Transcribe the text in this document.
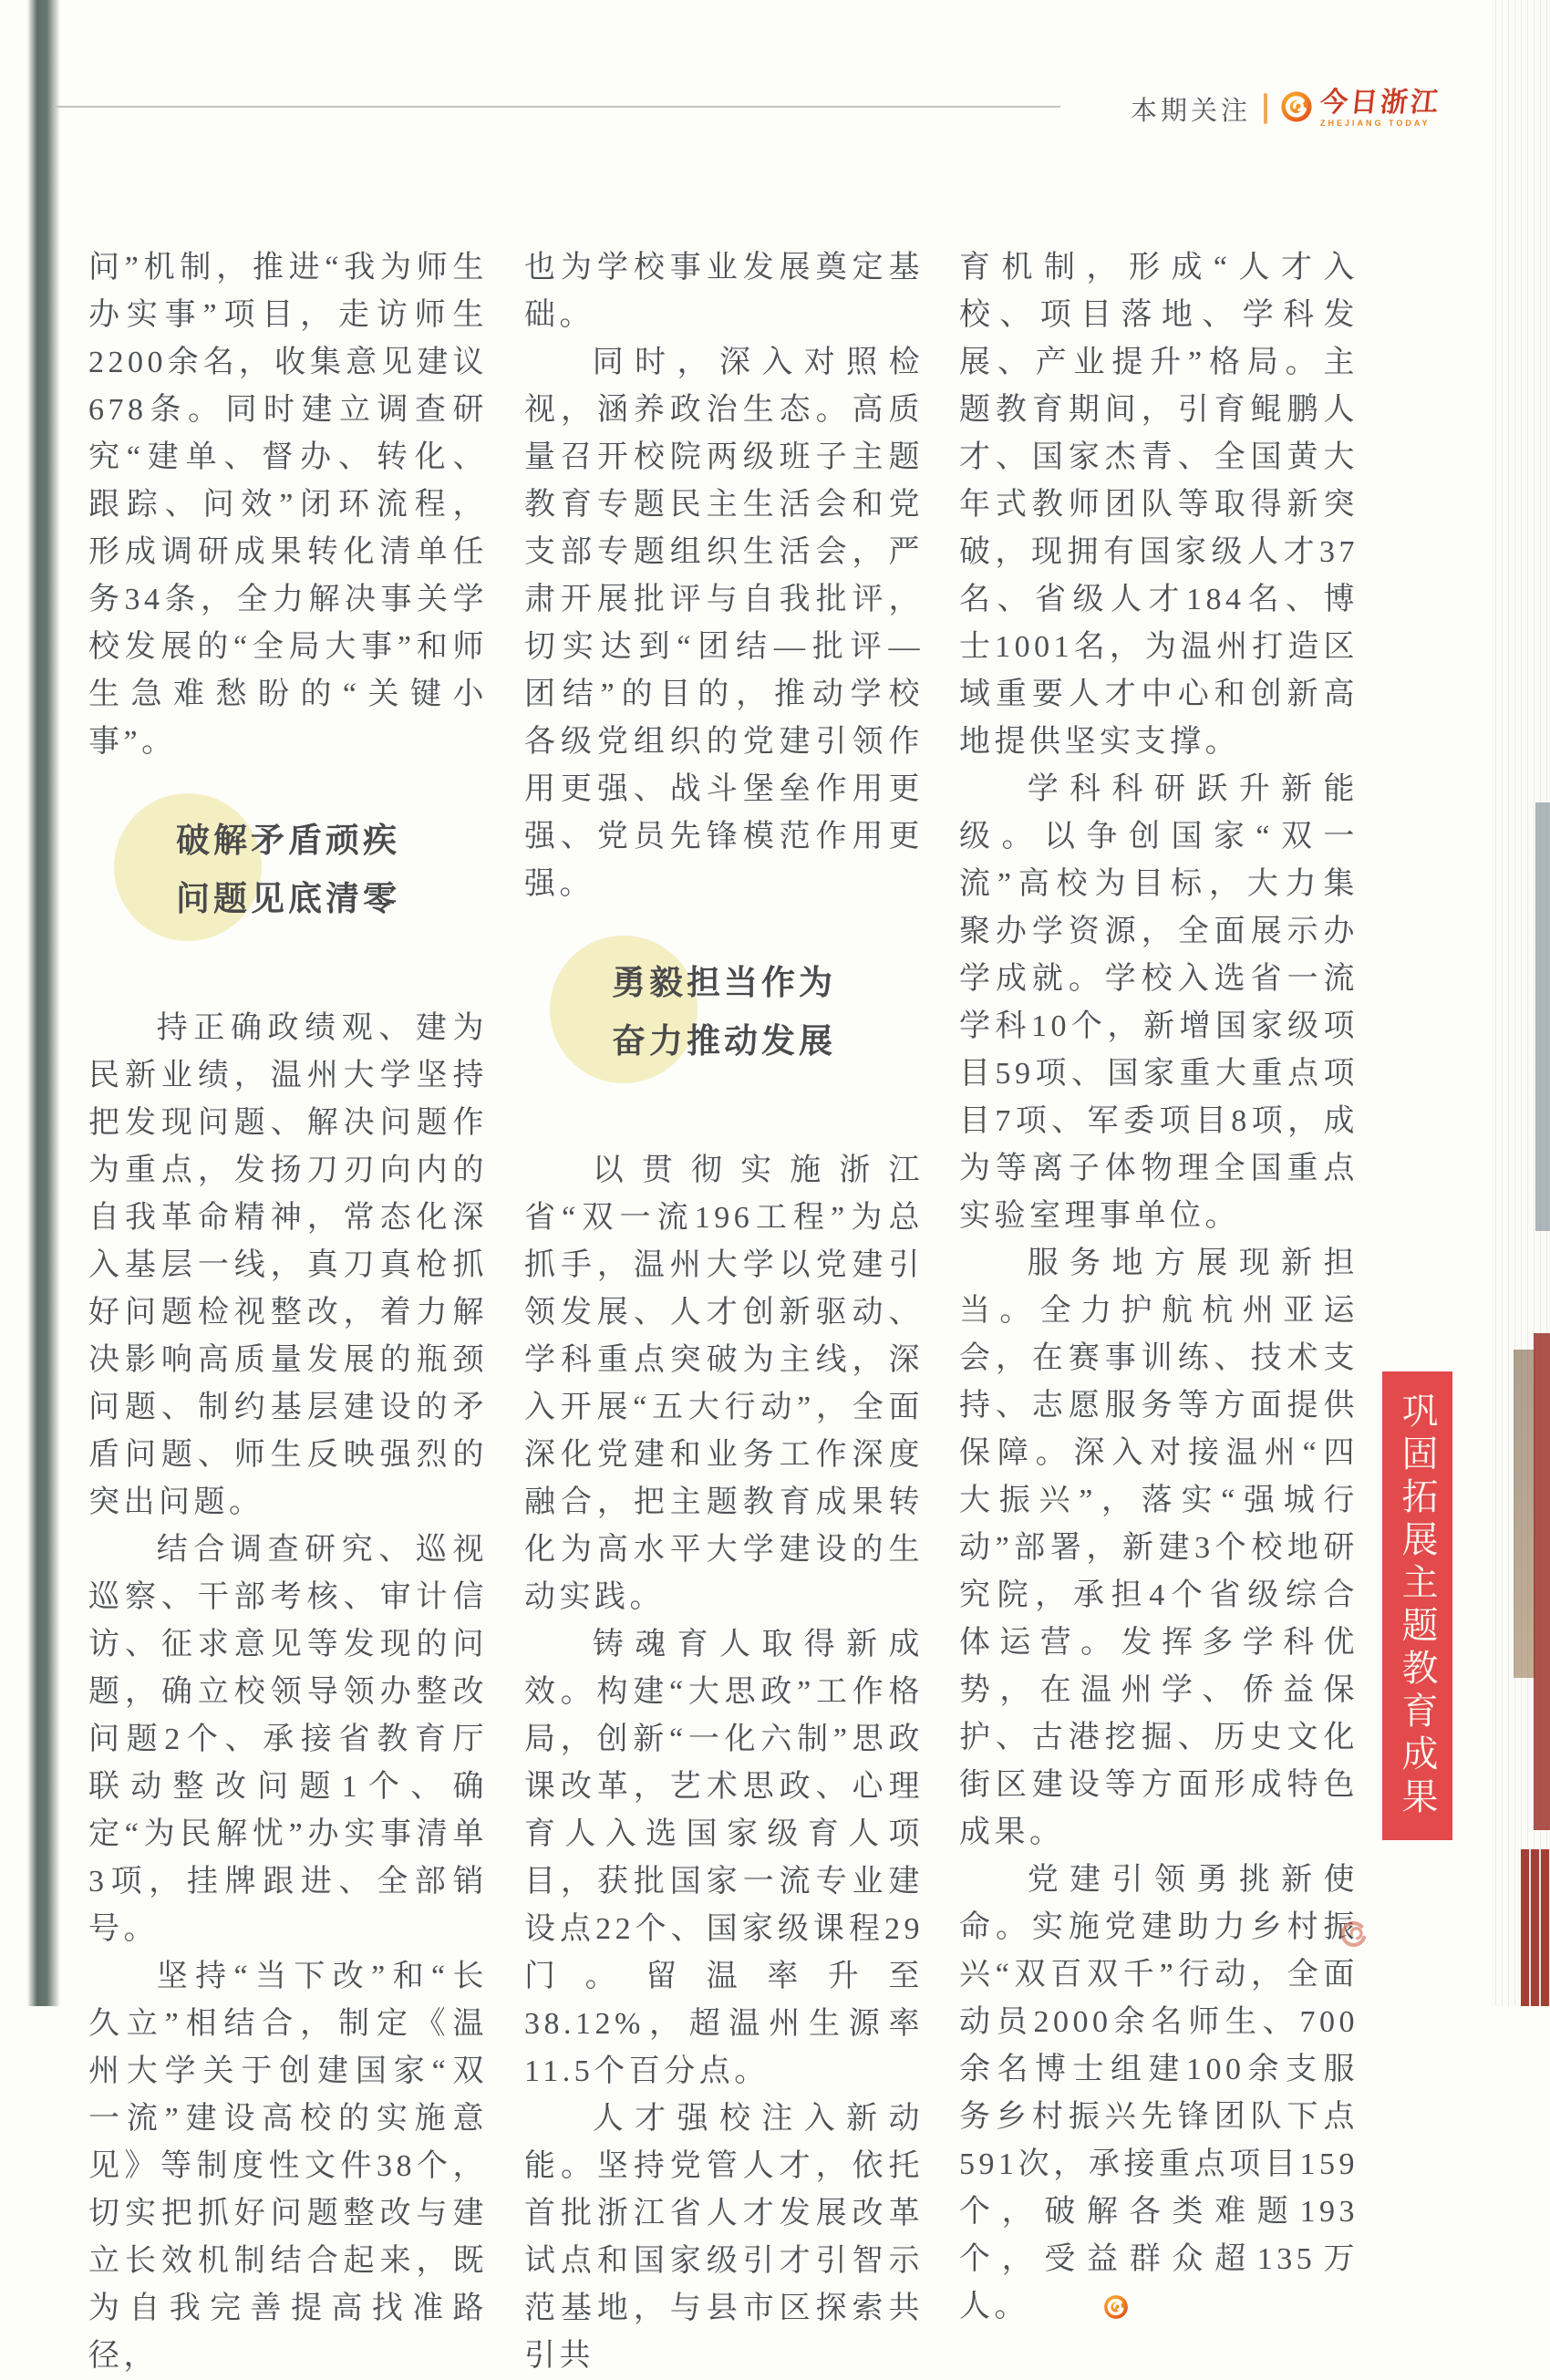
本期关注 今日浙江
ZHEJIANG TODAY

问”机制，推进“我为师生办实事”项目，走访师生2200余名，收集意见建议678条。同时建立调查研究“建单、督办、转化、跟踪、问效”闭环流程，形成调研成果转化清单任务34条，全力解决事关学校发展的“全局大事”和师生急难愁盼的“关键小事”。

破解矛盾顽疾
问题见底清零

持正确政绩观、建为民新业绩，温州大学坚持把发现问题、解决问题作为重点，发扬刀刃向内的自我革命精神，常态化深入基层一线，真刀真枪抓好问题检视整改，着力解决影响高质量发展的瓶颈问题、制约基层建设的矛盾问题、师生反映强烈的突出问题。

结合调查研究、巡视巡察、干部考核、审计信访、征求意见等发现的问题，确立校领导领办整改问题2个、承接省教育厅联动整改问题1个、确定“为民解忧”办实事清单3项，挂牌跟进、全部销号。

坚持“当下改”和“长久立”相结合，制定《温州大学关于创建国家“双一流”建设高校的实施意见》等制度性文件38个，切实把抓好问题整改与建立长效机制结合起来，既为自我完善提高找准路径，

也为学校事业发展奠定基础。

同时，深入对照检视，涵养政治生态。高质量召开校院两级班子主题教育专题民主生活会和党支部专题组织生活会，严肃开展批评与自我批评，切实达到“团结—批评—团结”的目的，推动学校各级党组织的党建引领作用更强、战斗堡垒作用更强、党员先锋模范作用更强。

勇毅担当作为
奋力推动发展

以贯彻实施浙江省“双一流196工程”为总抓手，温州大学以党建引领发展、人才创新驱动、学科重点突破为主线，深入开展“五大行动”，全面深化党建和业务工作深度融合，把主题教育成果转化为高水平大学建设的生动实践。

铸魂育人取得新成效。构建“大思政”工作格局，创新“一化六制”思政课改革，艺术思政、心理育人入选国家级育人项目，获批国家一流专业建设点22个、国家级课程29门。留温率升至38.12%，超温州生源率11.5个百分点。

人才强校注入新动能。坚持党管人才，依托首批浙江省人才发展改革试点和国家级引才引智示范基地，与县市区探索共引共

育机制，形成“人才入校、项目落地、学科发展、产业提升”格局。主题教育期间，引育鲲鹏人才、国家杰青、全国黄大年式教师团队等取得新突破，现拥有国家级人才37名、省级人才184名、博士1001名，为温州打造区域重要人才中心和创新高地提供坚实支撑。

学科科研跃升新能级。以争创国家“双一流”高校为目标，大力集聚办学资源，全面展示办学成就。学校入选省一流学科10个，新增国家级项目59项、国家重大重点项目7项、军委项目8项，成为等离子体物理全国重点实验室理事单位。

服务地方展现新担当。全力护航杭州亚运会，在赛事训练、技术支持、志愿服务等方面提供保障。深入对接温州“四大振兴”，落实“强城行动”部署，新建3个校地研究院，承担4个省级综合体运营。发挥多学科优势，在温州学、侨益保护、古港挖掘、历史文化街区建设等方面形成特色成果。

党建引领勇挑新使命。实施党建助力乡村振兴“双百双千”行动，全面动员2000余名师生、700余名博士组建100余支服务乡村振兴先锋团队下点591次，承接重点项目159个，破解各类难题193个，受益群众超135万人。

巩固拓展主题教育成果
